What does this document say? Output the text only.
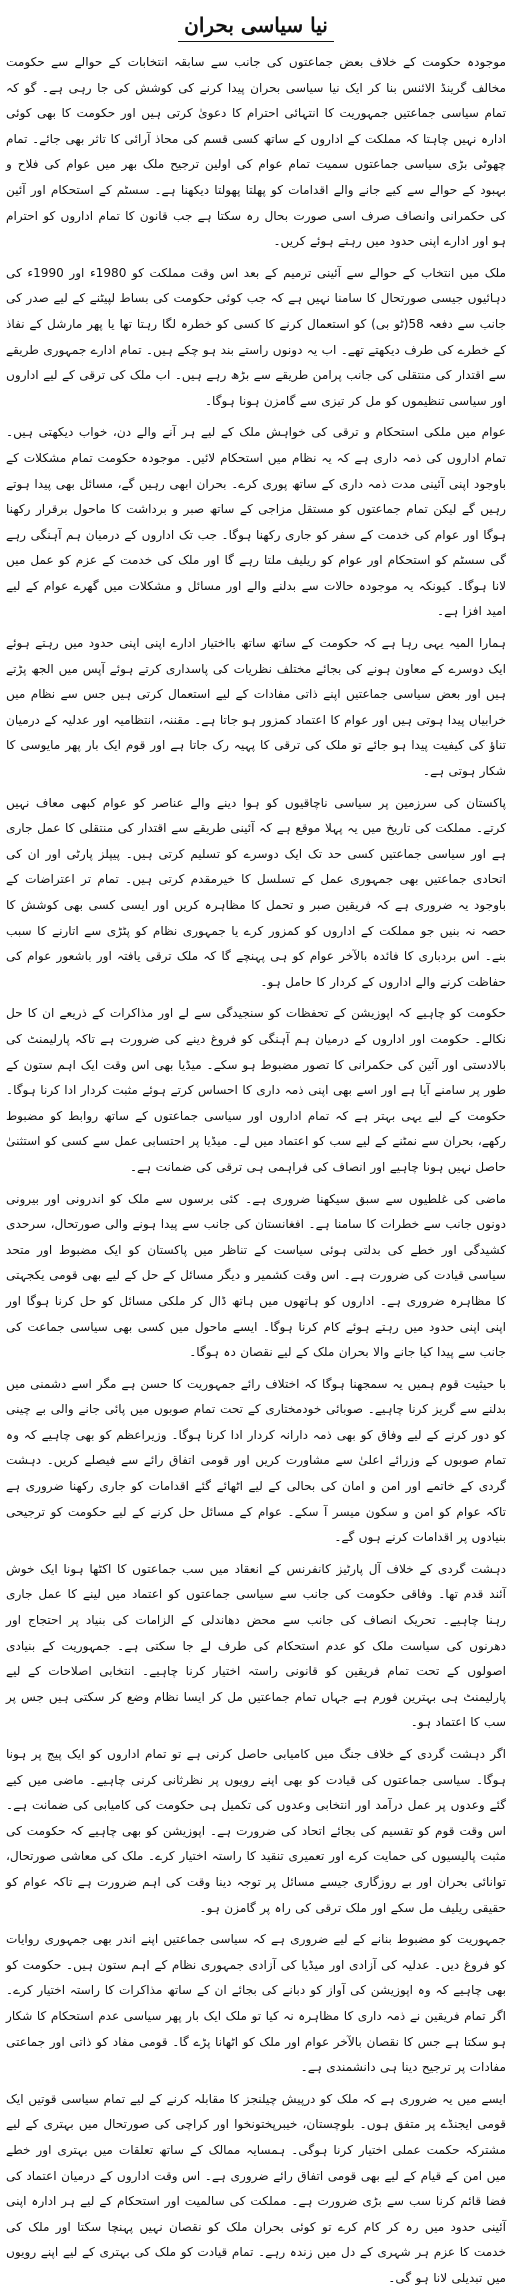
نیا سیاسی بحران

موجودہ حکومت کے خلاف بعض جماعتوں کی جانب سے سابقہ انتخابات کے حوالے سے حکومت مخالف گرینڈ الائنس بنا کر ایک نیا سیاسی بحران پیدا کرنے کی کوشش کی جا رہی ہے۔ گو کہ تمام سیاسی جماعتیں جمہوریت کا انتہائی احترام کا دعویٰ کرتی ہیں اور حکومت کا بھی کوئی ادارہ نہیں چاہتا کہ مملکت کے اداروں کے ساتھ کسی قسم کی محاذ آرائی کا تاثر بھی جائے۔ تمام چھوٹی بڑی سیاسی جماعتوں سمیت تمام عوام کی اولین ترجیح ملک بھر میں عوام کی فلاح و بہبود کے حوالے سے کیے جانے والے اقدامات کو پھلتا پھولتا دیکھنا ہے۔ سسٹم کے استحکام اور آئین کی حکمرانی وانصاف صرف اسی صورت بحال رہ سکتا ہے جب قانون کا تمام اداروں کو احترام ہو اور ادارے اپنی حدود میں رہتے ہوئے کریں۔

ملک میں انتخاب کے حوالے سے آئینی ترمیم کے بعد اس وقت مملکت کو 1980ء اور 1990ء کی دہائیوں جیسی صورتحال کا سامنا نہیں ہے کہ جب کوئی حکومت کی بساط لپیٹنے کے لیے صدر کی جانب سے دفعہ 58(ٹو بی) کو استعمال کرنے کا کسی کو خطرہ لگا رہتا تھا یا پھر مارشل کے نفاذ کے خطرے کی طرف دیکھتے تھے۔ اب یہ دونوں راستے بند ہو چکے ہیں۔ تمام ادارے جمہوری طریقے سے اقتدار کی منتقلی کی جانب پرامن طریقے سے بڑھ رہے ہیں۔ اب ملک کی ترقی کے لیے اداروں اور سیاسی تنظیموں کو مل کر تیزی سے گامزن ہونا ہوگا۔

عوام میں ملکی استحکام و ترقی کی خواہش ملک کے لیے ہر آنے والے دن، خواب دیکھتی ہیں۔ تمام اداروں کی ذمہ داری ہے کہ یہ نظام میں استحکام لائیں۔ موجودہ حکومت تمام مشکلات کے باوجود اپنی آئینی مدت ذمہ داری کے ساتھ پوری کرے۔ بحران ابھی رہیں گے، مسائل بھی پیدا ہوتے رہیں گے لیکن تمام جماعتوں کو مستقل مزاجی کے ساتھ صبر و برداشت کا ماحول برقرار رکھنا ہوگا اور عوام کی خدمت کے سفر کو جاری رکھنا ہوگا۔ جب تک اداروں کے درمیان ہم آہنگی رہے گی سسٹم کو استحکام اور عوام کو ریلیف ملتا رہے گا اور ملک کی خدمت کے عزم کو عمل میں لانا ہوگا۔ کیونکہ یہ موجودہ حالات سے بدلنے والے اور مسائل و مشکلات میں گھرے عوام کے لیے امید افزا ہے۔

ہمارا المیہ یہی رہا ہے کہ حکومت کے ساتھ ساتھ بااختیار ادارے اپنی اپنی حدود میں رہتے ہوئے ایک دوسرے کے معاون ہونے کی بجائے مختلف نظریات کی پاسداری کرتے ہوئے آپس میں الجھ پڑتے ہیں اور بعض سیاسی جماعتیں اپنے ذاتی مفادات کے لیے استعمال کرتی ہیں جس سے نظام میں خرابیاں پیدا ہوتی ہیں اور عوام کا اعتماد کمزور ہو جاتا ہے۔ مقننہ، انتظامیہ اور عدلیہ کے درمیان تناؤ کی کیفیت پیدا ہو جائے تو ملک کی ترقی کا پہیہ رک جاتا ہے اور قوم ایک بار پھر مایوسی کا شکار ہوتی ہے۔

پاکستان کی سرزمین پر سیاسی ناچاقیوں کو ہوا دینے والے عناصر کو عوام کبھی معاف نہیں کرتے۔ مملکت کی تاریخ میں یہ پہلا موقع ہے کہ آئینی طریقے سے اقتدار کی منتقلی کا عمل جاری ہے اور سیاسی جماعتیں کسی حد تک ایک دوسرے کو تسلیم کرتی ہیں۔ پیپلز پارٹی اور ان کی اتحادی جماعتیں بھی جمہوری عمل کے تسلسل کا خیرمقدم کرتی ہیں۔ تمام تر اعتراضات کے باوجود یہ ضروری ہے کہ فریقین صبر و تحمل کا مظاہرہ کریں اور ایسی کسی بھی کوشش کا حصہ نہ بنیں جو مملکت کے اداروں کو کمزور کرے یا جمہوری نظام کو پٹڑی سے اتارنے کا سبب بنے۔ اس بردباری کا فائدہ بالآخر عوام کو ہی پہنچے گا کہ ملک ترقی یافتہ اور باشعور عوام کی حفاظت کرنے والے اداروں کے کردار کا حامل ہو۔

حکومت کو چاہیے کہ اپوزیشن کے تحفظات کو سنجیدگی سے لے اور مذاکرات کے ذریعے ان کا حل نکالے۔ حکومت اور اداروں کے درمیان ہم آہنگی کو فروغ دینے کی ضرورت ہے تاکہ پارلیمنٹ کی بالادستی اور آئین کی حکمرانی کا تصور مضبوط ہو سکے۔ میڈیا بھی اس وقت ایک اہم ستون کے طور پر سامنے آیا ہے اور اسے بھی اپنی ذمہ داری کا احساس کرتے ہوئے مثبت کردار ادا کرنا ہوگا۔ حکومت کے لیے یہی بہتر ہے کہ تمام اداروں اور سیاسی جماعتوں کے ساتھ روابط کو مضبوط رکھے، بحران سے نمٹنے کے لیے سب کو اعتماد میں لے۔ میڈیا پر احتسابی عمل سے کسی کو استثنیٰ حاصل نہیں ہونا چاہیے اور انصاف کی فراہمی ہی ترقی کی ضمانت ہے۔

ماضی کی غلطیوں سے سبق سیکھنا ضروری ہے۔ کئی برسوں سے ملک کو اندرونی اور بیرونی دونوں جانب سے خطرات کا سامنا ہے۔ افغانستان کی جانب سے پیدا ہونے والی صورتحال، سرحدی کشیدگی اور خطے کی بدلتی ہوئی سیاست کے تناظر میں پاکستان کو ایک مضبوط اور متحد سیاسی قیادت کی ضرورت ہے۔ اس وقت کشمیر و دیگر مسائل کے حل کے لیے بھی قومی یکجہتی کا مظاہرہ ضروری ہے۔ اداروں کو ہاتھوں میں ہاتھ ڈال کر ملکی مسائل کو حل کرنا ہوگا اور اپنی اپنی حدود میں رہتے ہوئے کام کرنا ہوگا۔ ایسے ماحول میں کسی بھی سیاسی جماعت کی جانب سے پیدا کیا جانے والا بحران ملک کے لیے نقصان دہ ہوگا۔

با حیثیت قوم ہمیں یہ سمجھنا ہوگا کہ اختلاف رائے جمہوریت کا حسن ہے مگر اسے دشمنی میں بدلنے سے گریز کرنا چاہیے۔ صوبائی خودمختاری کے تحت تمام صوبوں میں پائی جانے والی بے چینی کو دور کرنے کے لیے وفاق کو بھی ذمہ دارانہ کردار ادا کرنا ہوگا۔ وزیراعظم کو بھی چاہیے کہ وہ تمام صوبوں کے وزرائے اعلیٰ سے مشاورت کریں اور قومی اتفاق رائے سے فیصلے کریں۔ دہشت گردی کے خاتمے اور امن و امان کی بحالی کے لیے اٹھائے گئے اقدامات کو جاری رکھنا ضروری ہے تاکہ عوام کو امن و سکون میسر آ سکے۔ عوام کے مسائل حل کرنے کے لیے حکومت کو ترجیحی بنیادوں پر اقدامات کرنے ہوں گے۔

دہشت گردی کے خلاف آل پارٹیز کانفرنس کے انعقاد میں سب جماعتوں کا اکٹھا ہونا ایک خوش آئند قدم تھا۔ وفاقی حکومت کی جانب سے سیاسی جماعتوں کو اعتماد میں لینے کا عمل جاری رہنا چاہیے۔ تحریک انصاف کی جانب سے محض دھاندلی کے الزامات کی بنیاد پر احتجاج اور دھرنوں کی سیاست ملک کو عدم استحکام کی طرف لے جا سکتی ہے۔ جمہوریت کے بنیادی اصولوں کے تحت تمام فریقین کو قانونی راستہ اختیار کرنا چاہیے۔ انتخابی اصلاحات کے لیے پارلیمنٹ ہی بہترین فورم ہے جہاں تمام جماعتیں مل کر ایسا نظام وضع کر سکتی ہیں جس پر سب کا اعتماد ہو۔

اگر دہشت گردی کے خلاف جنگ میں کامیابی حاصل کرنی ہے تو تمام اداروں کو ایک پیج پر ہونا ہوگا۔ سیاسی جماعتوں کی قیادت کو بھی اپنے رویوں پر نظرثانی کرنی چاہیے۔ ماضی میں کیے گئے وعدوں پر عمل درآمد اور انتخابی وعدوں کی تکمیل ہی حکومت کی کامیابی کی ضمانت ہے۔ اس وقت قوم کو تقسیم کی بجائے اتحاد کی ضرورت ہے۔ اپوزیشن کو بھی چاہیے کہ حکومت کی مثبت پالیسیوں کی حمایت کرے اور تعمیری تنقید کا راستہ اختیار کرے۔ ملک کی معاشی صورتحال، توانائی بحران اور بے روزگاری جیسے مسائل پر توجہ دینا وقت کی اہم ضرورت ہے تاکہ عوام کو حقیقی ریلیف مل سکے اور ملک ترقی کی راہ پر گامزن ہو۔

جمہوریت کو مضبوط بنانے کے لیے ضروری ہے کہ سیاسی جماعتیں اپنے اندر بھی جمہوری روایات کو فروغ دیں۔ عدلیہ کی آزادی اور میڈیا کی آزادی جمہوری نظام کے اہم ستون ہیں۔ حکومت کو بھی چاہیے کہ وہ اپوزیشن کی آواز کو دبانے کی بجائے ان کے ساتھ مذاکرات کا راستہ اختیار کرے۔ اگر تمام فریقین نے ذمہ داری کا مظاہرہ نہ کیا تو ملک ایک بار پھر سیاسی عدم استحکام کا شکار ہو سکتا ہے جس کا نقصان بالآخر عوام اور ملک کو اٹھانا پڑے گا۔ قومی مفاد کو ذاتی اور جماعتی مفادات پر ترجیح دینا ہی دانشمندی ہے۔

ایسے میں یہ ضروری ہے کہ ملک کو درپیش چیلنجز کا مقابلہ کرنے کے لیے تمام سیاسی قوتیں ایک قومی ایجنڈے پر متفق ہوں۔ بلوچستان، خیبرپختونخوا اور کراچی کی صورتحال میں بہتری کے لیے مشترکہ حکمت عملی اختیار کرنا ہوگی۔ ہمسایہ ممالک کے ساتھ تعلقات میں بہتری اور خطے میں امن کے قیام کے لیے بھی قومی اتفاق رائے ضروری ہے۔ اس وقت اداروں کے درمیان اعتماد کی فضا قائم کرنا سب سے بڑی ضرورت ہے۔ مملکت کی سالمیت اور استحکام کے لیے ہر ادارہ اپنی آئینی حدود میں رہ کر کام کرے تو کوئی بحران ملک کو نقصان نہیں پہنچا سکتا اور ملک کی خدمت کا عزم ہر شہری کے دل میں زندہ رہے۔ تمام قیادت کو ملک کی بہتری کے لیے اپنے رویوں میں تبدیلی لانا ہو گی۔
